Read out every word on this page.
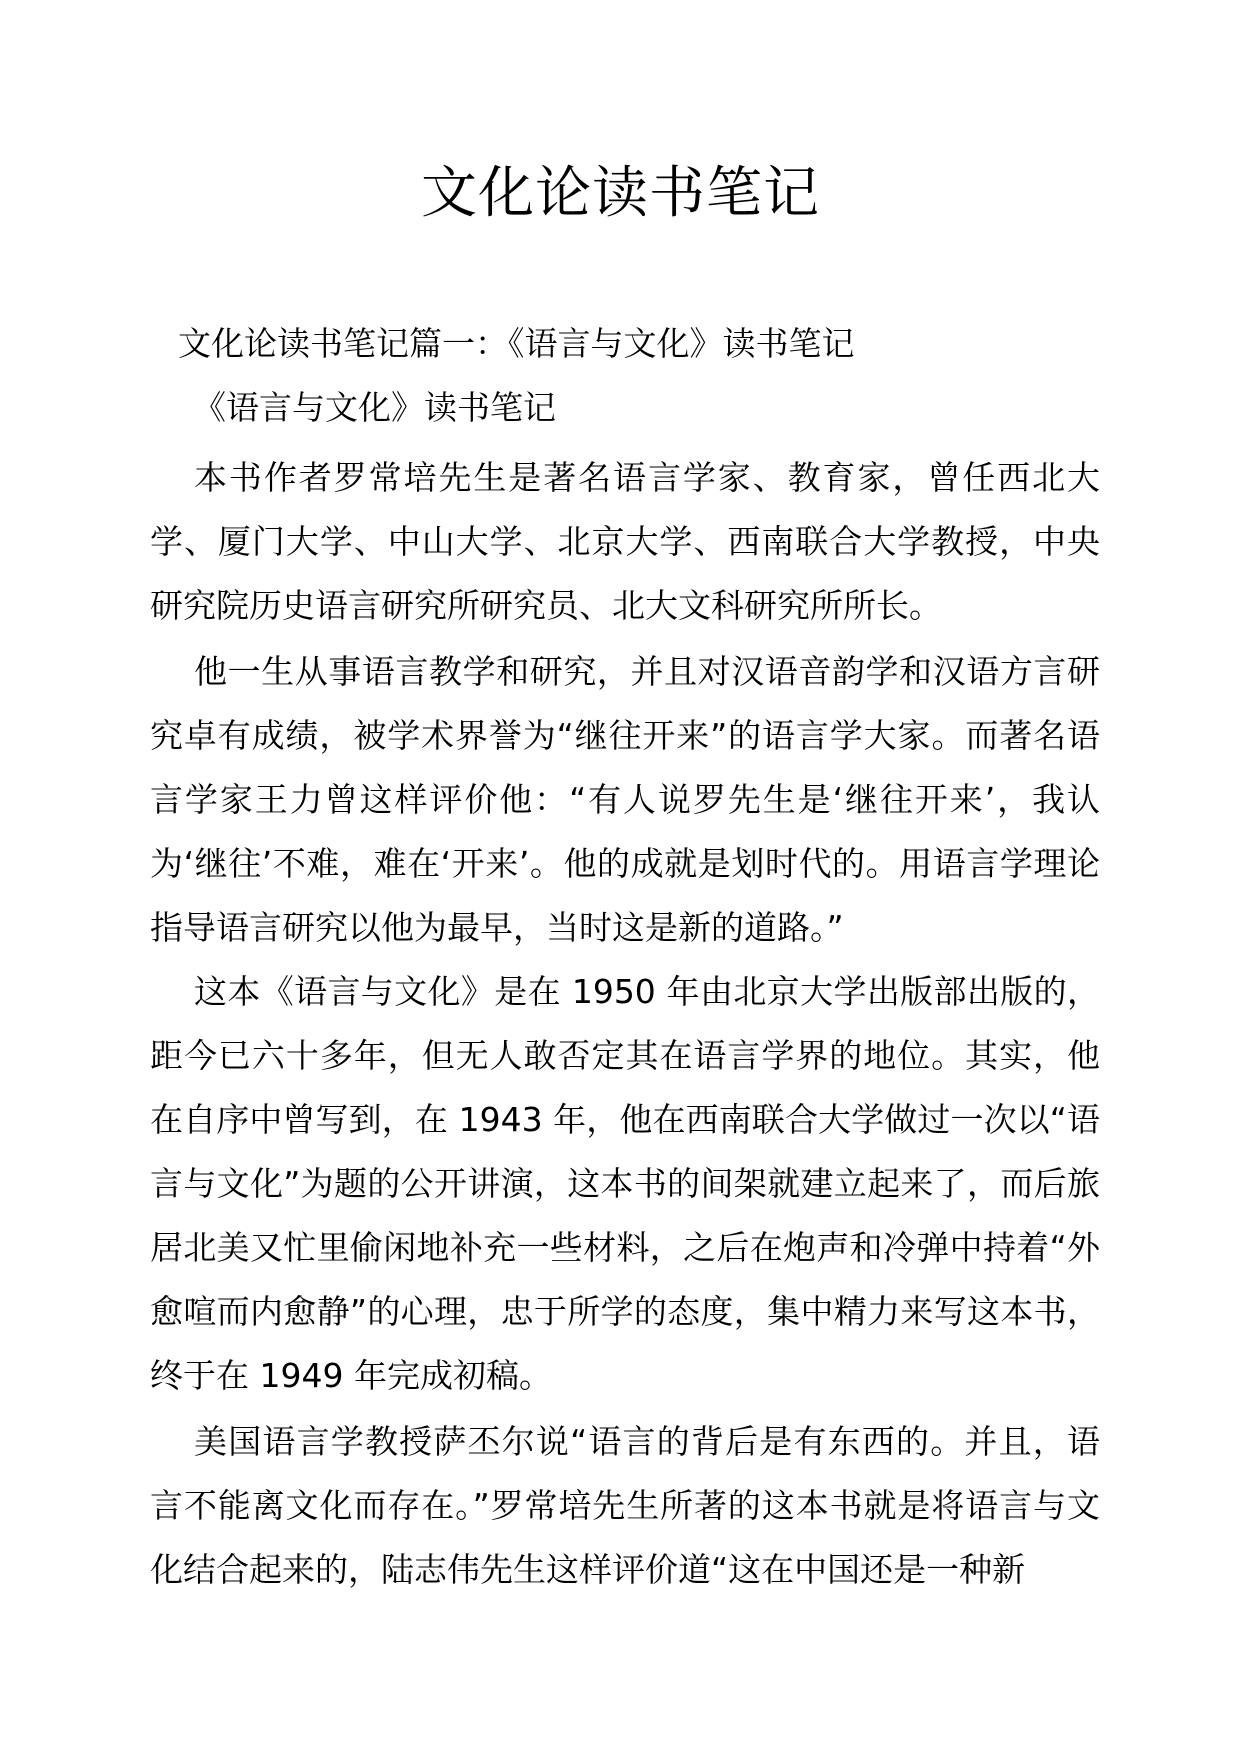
文化论读书笔记
文化论读书笔记篇一：《语言与文化》读书笔记
《语言与文化》读书笔记

本书作者罗常培先生是著名语言学家、教育家，曾任西北大学、厦门大学、中山大学、北京大学、西南联合大学教授，中央研究院历史语言研究所研究员、北大文科研究所所长。

他一生从事语言教学和研究，并且对汉语音韵学和汉语方言研究卓有成绩，被学术界誉为“继往开来”的语言学大家。而著名语言学家王力曾这样评价他：“有人说罗先生是‘继往开来’，我认为‘继往’不难，难在‘开来’。他的成就是划时代的。用语言学理论指导语言研究以他为最早，当时这是新的道路。”

这本《语言与文化》是在 1950 年由北京大学出版部出版的，距今已六十多年，但无人敢否定其在语言学界的地位。其实，他在自序中曾写到，在 1943 年，他在西南联合大学做过一次以“语言与文化”为题的公开讲演，这本书的间架就建立起来了，而后旅居北美又忙里偷闲地补充一些材料，之后在炮声和冷弹中持着“外愈喧而内愈静”的心理，忠于所学的态度，集中精力来写这本书，终于在 1949 年完成初稿。

美国语言学教授萨丕尔说“语言的背后是有东西的。并且，语言不能离文化而存在。”罗常培先生所著的这本书就是将语言与文化结合起来的，陆志伟先生这样评价道“这在中国还是一种新
